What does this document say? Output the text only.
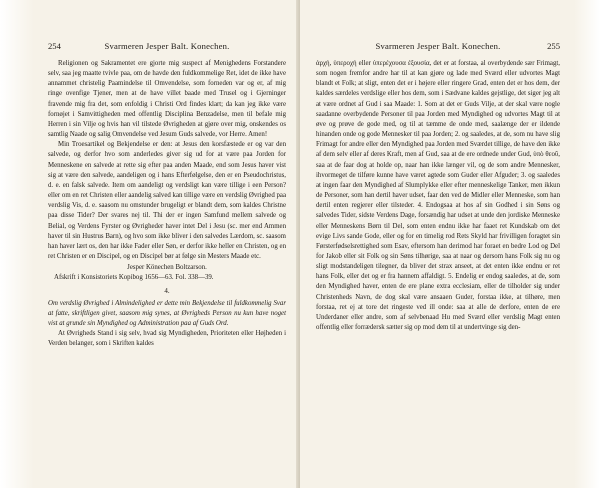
254	Svarmeren Jesper Balt. Konechen.

Religionen og Sakramentet ere gjorte mig suspect af Menighedens Forstandere selv, saa jeg maatte tvivle paa, om de havde den fuldkommelige Ret, idet de ikke have annammet christelig Paamindelse til Omvendelse, som forneden var og er, af mig ringe ovenfige Tjener, men at de have villet baade med Trusel og i Gjerninger fravende mig fra det, som enfoldig i Christi Ord findes klart; da kan jeg ikke være fornøjet i Samvittigheden med offentlig Disciplina Benzadelse, men til befale mig Herren i sin Vilje og hvis han vil tilstede Øvrigheden at gjøre over mig, onskendes os samtlig Naade og salig Omvendelse ved Jesum Guds salvede, vor Herre. Amen!

Min Troesartikel og Bekjendelse er den: at Jesus den korsfæstede er og var den salvede, og derfor hvo som anderledes giver sig ud for at være paa Jorden for Menneskene en salvede at rette sig efter paa anden Maade, end som Jesus haver vist sig at være den salvede, aandeligen og i hans Efterfølgelse, den er en Pseudochristus, d. e. en falsk salvede. Item om aandeligt og verdsligt kan være tillige i een Person? eller om en ret Christen eller aandelig salved kan tillige være en verdslig Øvrighed paa verdslig Vis, d. e. saasom nu omstunder brugeligt er blandt dem, som kaldes Christne paa disse Tider? Der svares nej til. Thi der er ingen Samfund mellem salvede og Belial, og Verdens Fyrster og Øvrigheder haver intet Del i Jesu (sc. mer end Ammen haver til sin Hustrus Barn), og hvo som ikke bliver i den salvedes Lærdom, sc. saasom han haver lært os, den har ikke Fader eller Søn, er derfor ikke heller en Christen, og en ret Christen er en Discipel, og en Discipel bør at følge sin Mesters Maade etc.

Jesper Könechen Boltzarson.

Afskrift i Konsistoriets Kopibog 1656—63. Fol. 338—39.

4.

Om verdslig Øvrighed i Almindelighed er dette min Bekjendelse til fuldkommelig Svar at fatte, skriftligen givet, saasom mig synes, at Øvrigheds Person nu kun have noget vist at grunde sin Myndighed og Administration paa af Guds Ord.

At Øvrigheds Stand i sig selv, hvad sig Myndigheden, Prioriteten eller Højheden i Verden belanger, som i Skriften kaldes

Svarmeren Jesper Balt. Konechen.	255

ἀρχή, ὑπεροχή eller ὑπερέχουσα ἐξουσία, det er at forstaa, al overbydende sær Frimagt, som nogen fremfor andre har til at kan gjøre og lade med Sværd eller udvortes Magt blandt et Folk; at sligt, enten det er i højere eller ringere Grad, enten det er hos dem, der kaldes særdeles verdslige eller hos dem, som i Sædvane kaldes gejstlige, det siger jeg alt at være ordnet af Gud i saa Maade: 1. Som at det er Guds Vilje, at der skal være nogle saadanne overbydende Personer til paa Jorden med Myndighed og udvortes Magt til at øve og prøve de gode med, og til at tæmme de onde med, saalænge der er ildende hinanden onde og gode Mennesker til paa Jorden; 2. og saaledes, at de, som nu have slig Frimagt for andre eller den Myndighed paa Jorden med Sværdet tillige, de have den ikke af dem selv eller af deres Kraft, men af Gud, saa at de ere ordnede under Gud, ὑπὸ θεοῦ, saa at de faar dog at holde op, naar han ikke længer vil, og de som andre Mennesker, ihvormeget de tilføre kunne have været agtede som Guder eller Afguder; 3. og saaledes at ingen faar den Myndighed af Slumplykke eller efter menneskelige Tanker, men ikkun de Personer, som han dertil haver udset, faar den ved de Midler eller Menneske, som han dertil enten regjerer eller tilsteder. 4. Endogsaa at hos af sin Godhed i sin Søns og salvedes Tider, sidste Verdens Dage, forsændig har udset at unde den jordiske Menneske eller Menneskens Børn til Del, som enten endnu ikke har faaet ret Kundskab om det evige Livs sande Gode, eller og for en timelig rod Rets Skyld har frivilligen foragtet sin Førsterfødselsrettighed som Esav, eftersom han derimod har foraet en bedre Lod og Del for Jakob eller sit Folk og sin Søns tilhørige, saa at naar og dersom hans Folk sig nu og sligt modstandeligen tilegner, da bliver det strax anseet, at det enten ikke endnu er ret hans Folk, eller det og er fra hannem affaldigt. 5. Endelig er endog saaledes, at de, som den Myndighed haver, enten de ere plane extra ecclesiam, eller de tilholder sig under Christenheds Navn, de dog skal være ansaaen Guder, forstaa ikke, at tilhøre, men forstaa, ret ej at tore det ringeste ved ill onde: saa at alle de derfore, enten de ere Underdaner eller andre, som af selvbenaad Hu med Sværd eller verdslig Magt enten offentlig eller forrædersk sætter sig op mod dem til at undertvinge sig den-
